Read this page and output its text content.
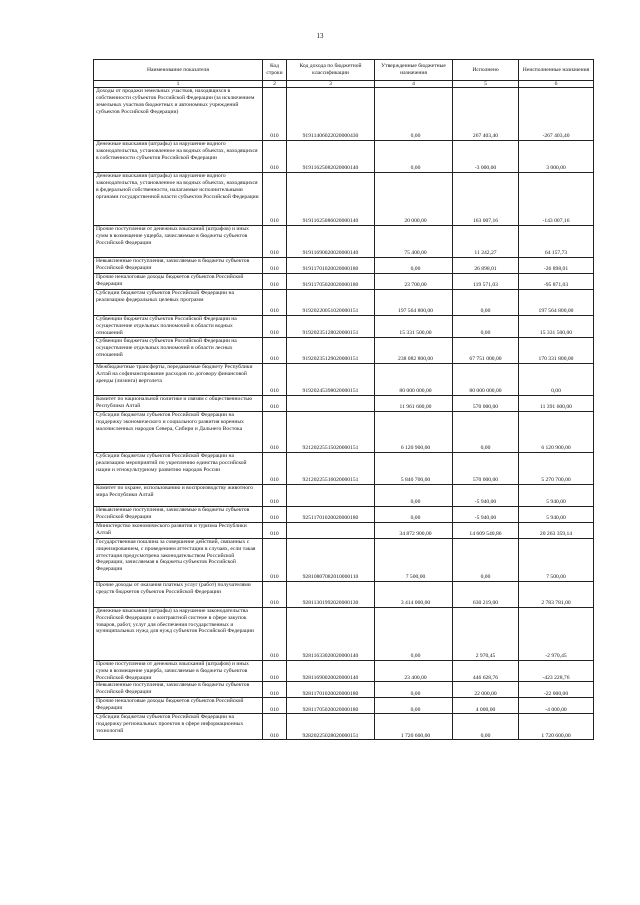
13
Наименование показателя	Код строки	Код дохода по бюджетной классификации	Утвержденные бюджетные назначения	Исполнено	Неисполненные назначения
1	2	3	4	5	6
Доходы от продажи земельных участков, находящихся в собственности субъектов Российской Федерации (за исключением земельных участков бюджетных и автономных учреждений субъектов Российской Федерации)	010	91911406022020000430	0,00	267 403,40	-267 403,40
Денежные взыскания (штрафы) за нарушение водного законодательства, установленное на водных объектах, находящихся в собственности субъектов Российской Федерации	010	91911625082020000140	0,00	-3 000,00	3 000,00
Денежные взыскания (штрафы) за нарушение водного законодательства, установленное на водных объектах, находящихся в федеральной собственности, налагаемые исполнительными органами государственной власти субъектов Российской Федерации	010	91911625086020000140	20 000,00	163 007,16	-143 007,16
Прочие поступления от денежных взысканий (штрафов) и иных сумм в возмещение ущерба, зачисляемые в бюджеты субъектов Российской Федерации	010	91911690020020000140	75 400,00	11 242,27	64 157,73
Невыясненные поступления, зачисляемые в бюджеты субъектов Российской Федерации	010	91911701020020000180	0,00	26 898,01	-26 898,01
Прочие неналоговые доходы бюджетов субъектов Российской Федерации	010	91911705020020000180	23 700,00	119 571,03	-95 871,03
Субсидии бюджетам субъектов Российской Федерации на реализацию федеральных целевых программ	010	91920220051020000151	197 564 800,00	0,00	197 564 800,00
Субвенции бюджетам субъектов Российской Федерации на осуществление отдельных полномочий в области водных отношений	010	91920235128020000151	15 331 500,00	0,00	15 331 500,00
Субвенции бюджетам субъектов Российской Федерации на осуществление отдельных полномочий в области лесных отношений	010	91920235129020000151	238 082 800,00	67 751 000,00	170 331 800,00
Межбюджетные трансферты, передаваемые бюджету Республики Алтай на софинансирование расходов по договору финансовой аренды (лизинга) вертолета	010	91920245398020000151	80 000 000,00	80 000 000,00	0,00
Комитет по национальной политике и связям с общественностью Республики Алтай	010		11 961 600,00	570 000,00	11 391 600,00
Субсидии бюджетам субъектов Российской Федерации на поддержку экономического и социального развития коренных малочисленных народов Севера, Сибири и Дальнего Востока	010	92120225515020000151	6 120 900,00	0,00	6 120 900,00
Субсидии бюджетам субъектов Российской Федерации на реализацию мероприятий по укреплению единства российской нации и этнокультурному развитию народов России	010	92120225516020000151	5 840 700,00	570 000,00	5 270 700,00
Комитет по охране, использованию и воспроизводству животного мира Республики Алтай	010		0,00	-5 940,00	5 940,00
Невыясненные поступления, зачисляемые в бюджеты субъектов Российской Федерации	010	92511701020020000180	0,00	-5 940,00	5 940,00
Министерство экономического развития и туризма Республики Алтай	010		34 872 900,00	14 609 540,86	20 263 359,14
Государственная пошлина за совершение действий, связанных с лицензированием, с проведением аттестации в случаях, если такая аттестация предусмотрена законодательством Российской Федерации, зачисляемая в бюджеты субъектов Российской Федерации	010	92810807082010000110	7 500,00	0,00	7 500,00
Прочие доходы от оказания платных услуг (работ) получателями средств бюджетов субъектов Российской Федерации	010	92811301992020000130	3 414 000,00	630 219,00	2 783 781,00
Денежные взыскания (штрафы) за нарушение законодательства Российской Федерации о контрактной системе в сфере закупок товаров, работ, услуг для обеспечения государственных и муниципальных нужд для нужд субъектов Российской Федерации	010	92811633020020000140	0,00	2 970,45	-2 970,45
Прочие поступления от денежных взысканий (штрафов) и иных сумм в возмещение ущерба, зачисляемые в бюджеты субъектов Российской Федерации	010	92811690020020000140	23 400,00	446 628,76	-423 228,76
Невыясненные поступления, зачисляемые в бюджеты субъектов Российской Федерации	010	92811701020020000180	0,00	22 000,00	-22 000,00
Прочие неналоговые доходы бюджетов субъектов Российской Федерации	010	92811705020020000180	0,00	4 000,00	-4 000,00
Субсидии бюджетам субъектов Российской Федерации на поддержку региональных проектов в сфере информационных технологий	010	92820225028020000151	1 720 600,00	0,00	1 720 600,00
